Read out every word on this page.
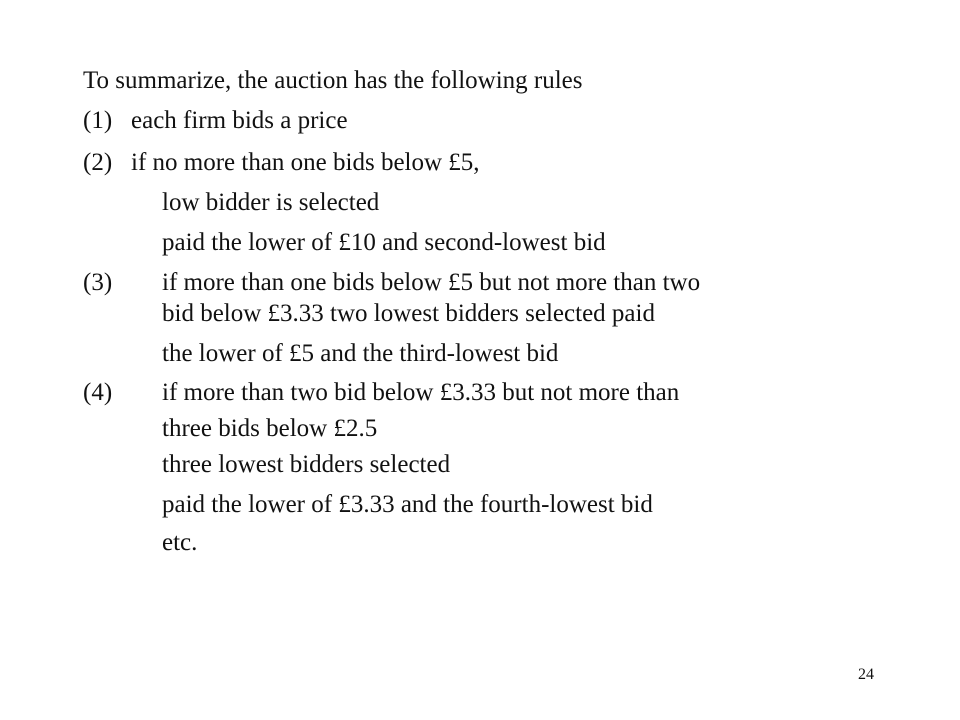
To summarize, the auction has the following rules
(1) each firm bids a price
(2) if no more than one bids below £5,
low bidder is selected
paid the lower of £10 and second-lowest bid
(3) if more than one bids below £5 but not more than two
bid below £3.33 two lowest bidders selected paid
the lower of £5 and the third-lowest bid
(4) if more than two bid below £3.33 but not more than
three bids below £2.5
three lowest bidders selected
paid the lower of £3.33 and the fourth-lowest bid
etc.
24
